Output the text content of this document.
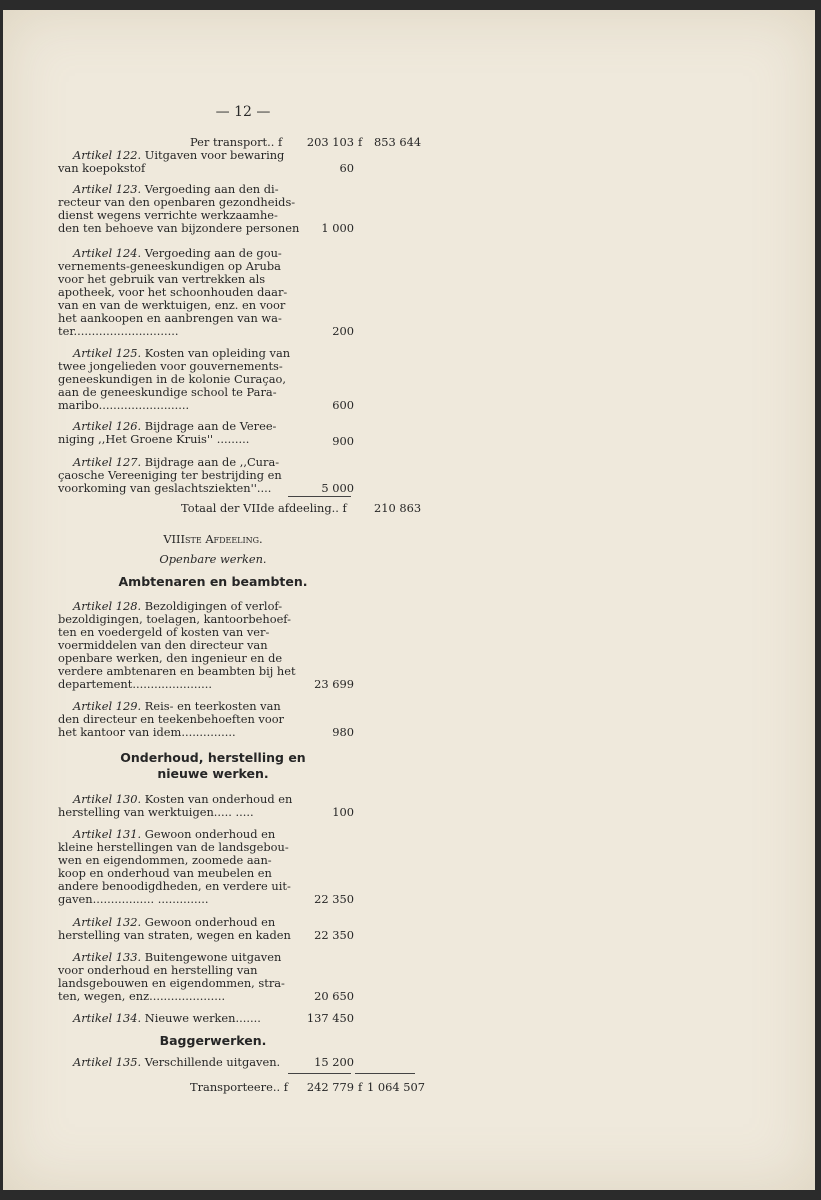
— 12 —
Per transport.. f	203 103 f 853 644
Artikel 122. Uitgaven voor bewaring
van koepokstof	60
Artikel 123. Vergoeding aan den di-
recteur van den openbaren gezondheids-
dienst wegens verrichte werkzaamhe-
den ten behoeve van bijzondere personen	1 000
Artikel 124. Vergoeding aan de gou-
vernements-geneeskundigen op Aruba
voor het gebruik van vertrekken als
apotheek, voor het schoonhouden daar-
van en van de werktuigen, enz. en voor
het aankoopen en aanbrengen van wa-
ter.............................	200
Artikel 125. Kosten van opleiding van
twee jongelieden voor gouvernements-
geneeskundigen in de kolonie Curaçao,
aan de geneeskundige school te Para-
maribo.........................	600
Artikel 126. Bijdrage aan de Veree-
niging ,,Het Groene Kruis'' .........	900
Artikel 127. Bijdrage aan de ,,Cura-
çaosche Vereeniging ter bestrijding en
voorkoming van geslachtsziekten''....	5 000
Totaal der VIIde afdeeling.. f 210 863
VIIIste Afdeeling.
Openbare werken.
Ambtenaren en beambten.
Artikel 128. Bezoldigingen of verlof-
bezoldigingen, toelagen, kantoorbehoef-
ten en voedergeld of kosten van ver-
voermiddelen van den directeur van
openbare werken, den ingenieur en de
verdere ambtenaren en beambten bij het
departement......................	23 699
Artikel 129. Reis- en teerkosten van
den directeur en teekenbehoeften voor
het kantoor van idem...............	980
Onderhoud, herstelling en
nieuwe werken.
Artikel 130. Kosten van onderhoud en
herstelling van werktuigen..... .....	100
Artikel 131. Gewoon onderhoud en
kleine herstellingen van de landsgebou-
wen en eigendommen, zoomede aan-
koop en onderhoud van meubelen en
andere benoodigdheden, en verdere uit-
gaven................. ..............	22 350
Artikel 132. Gewoon onderhoud en
herstelling van straten, wegen en kaden	22 350
Artikel 133. Buitengewone uitgaven
voor onderhoud en herstelling van
landsgebouwen en eigendommen, stra-
ten, wegen, enz.....................	20 650
Artikel 134. Nieuwe werken.......	137 450
Baggerwerken.
Artikel 135. Verschillende uitgaven.	15 200
Transporteere.. f	242 779 f 1 064 507
